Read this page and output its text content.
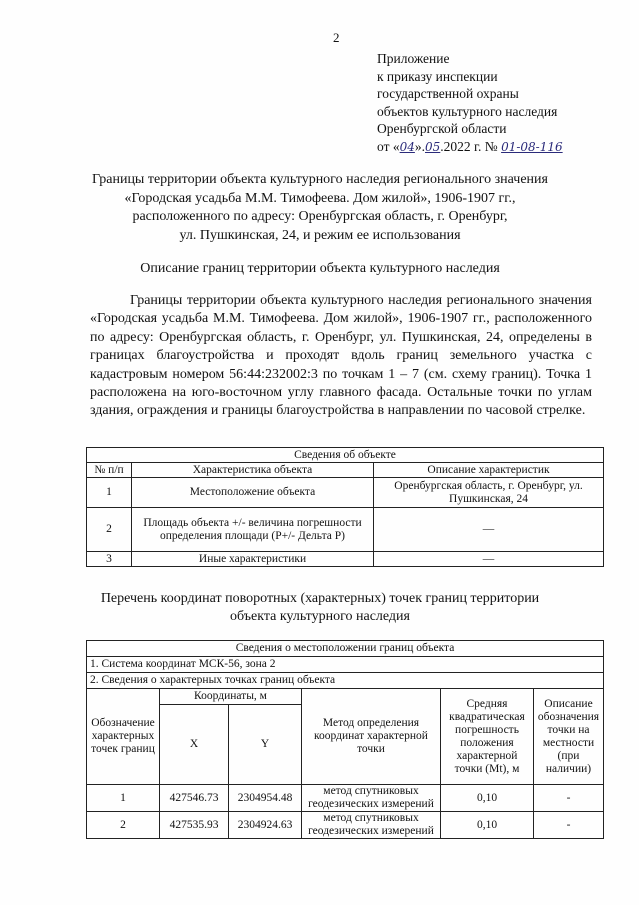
2
Приложение
к приказу инспекции
государственной охраны
объектов культурного наследия
Оренбургской области
от «04».05.2022 г. № 01-08-116
Границы территории объекта культурного наследия регионального значения
«Городская усадьба М.М. Тимофеева. Дом жилой», 1906-1907 гг.,
расположенного по адресу: Оренбургская область, г. Оренбург,
ул. Пушкинская, 24, и режим ее использования
Описание границ территории объекта культурного наследия
Границы территории объекта культурного наследия регионального значения «Городская усадьба М.М. Тимофеева. Дом жилой», 1906-1907 гг., расположенного по адресу: Оренбургская область, г. Оренбург, ул. Пушкинская, 24, определены в границах благоустройства и проходят вдоль границ земельного участка с кадастровым номером 56:44:232002:3 по точкам 1 – 7 (см. схему границ). Точка 1 расположена на юго-восточном углу главного фасада. Остальные точки по углам здания, ограждения и границы благоустройства в направлении по часовой стрелке.
Сведения об объекте		
№ п/п	Характеристика объекта	Описание характеристик
1	Местоположение объекта	Оренбургская область, г. Оренбург, ул. Пушкинская, 24
2	Площадь объекта +/- величина погрешности определения площади (P+/- Дельта P)	—
3	Иные характеристики	—
Перечень координат поворотных (характерных) точек границ территории
объекта культурного наследия
Сведения о местоположении границ объекта					
1. Система координат МСК-56, зона 2					
2. Сведения о характерных точках границ объекта					
Обозначение характерных точек границ	Координаты, м		Метод определения координат характерной точки	Средняя квадратическая погрешность положения характерной точки (Mt), м	Описание обозначения точки на местности (при наличии)
	X	Y			
1	427546.73	2304954.48	метод спутниковых геодезических измерений	0,10	-
2	427535.93	2304924.63	метод спутниковых геодезических измерений	0,10	-
